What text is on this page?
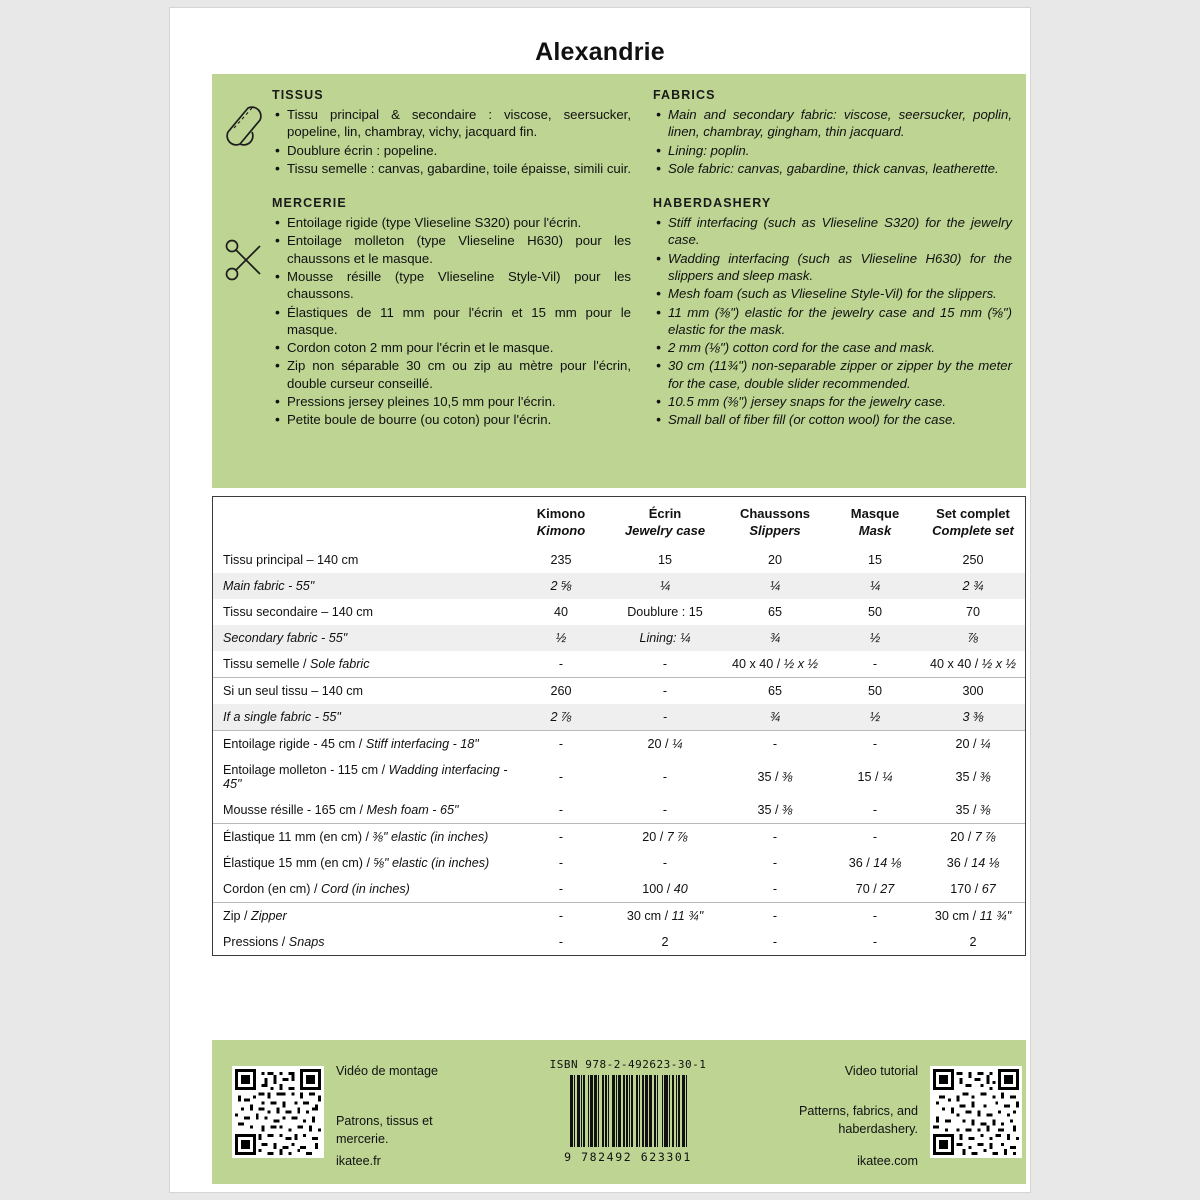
Alexandrie
TISSUS
• Tissu principal & secondaire : viscose, seersucker, popeline, lin, chambray, vichy, jacquard fin.
• Doublure écrin : popeline.
• Tissu semelle : canvas, gabardine, toile épaisse, simili cuir.
FABRICS
• Main and secondary fabric: viscose, seersucker, poplin, linen, chambray, gingham, thin jacquard.
• Lining: poplin.
• Sole fabric: canvas, gabardine, thick canvas, leatherette.
MERCERIE
• Entoilage rigide (type Vlieseline S320) pour l'écrin.
• Entoilage molleton (type Vlieseline H630) pour les chaussons et le masque.
• Mousse résille (type Vlieseline Style-Vil) pour les chaussons.
• Élastiques de 11 mm pour l'écrin et 15 mm pour le masque.
• Cordon coton 2 mm pour l'écrin et le masque.
• Zip non séparable 30 cm ou zip au mètre pour l'écrin, double curseur conseillé.
• Pressions jersey pleines 10,5 mm pour l'écrin.
• Petite boule de bourre (ou coton) pour l'écrin.
HABERDASHERY
• Stiff interfacing (such as Vlieseline S320) for the jewelry case.
• Wadding interfacing (such as Vlieseline H630) for the slippers and sleep mask.
• Mesh foam (such as Vlieseline Style-Vil) for the slippers.
• 11 mm (⅜") elastic for the jewelry case and 15 mm (⅝") elastic for the mask.
• 2 mm (⅛") cotton cord for the case and mask.
• 30 cm (11¾") non-separable zipper or zipper by the meter for the case, double slider recommended.
• 10.5 mm (⅜") jersey snaps for the jewelry case.
• Small ball of fiber fill (or cotton wool) for the case.
	Kimono	Écrin	Chaussons	Masque	Set complet
	Kimono	Jewelry case	Slippers	Mask	Complete set
Tissu principal – 140 cm	235	15	20	15	250
Main fabric - 55"	2 ⅝	¼	¼	¼	2 ¾
Tissu secondaire – 140 cm	40	Doublure : 15	65	50	70
Secondary fabric - 55"	½	Lining: ¼	¾	½	⅞
Tissu semelle / Sole fabric	-	-	40 x 40 / ½ x ½	-	40 x 40 / ½ x ½
Si un seul tissu – 140 cm	260	-	65	50	300
If a single fabric - 55"	2 ⅞	-	¾	½	3 ⅜
Entoilage rigide - 45 cm / Stiff interfacing - 18"	-	20 / ¼	-	-	20 / ¼
Entoilage molleton - 115 cm / Wadding interfacing - 45"	-	-	35 / ⅜	15 / ¼	35 / ⅜
Mousse résille - 165 cm / Mesh foam - 65"	-	-	35 / ⅜	-	35 / ⅜
Élastique 11 mm (en cm) / ⅜" elastic (in inches)	-	20 / 7 ⅞	-	-	20 / 7 ⅞
Élastique 15 mm (en cm) / ⅝" elastic (in inches)	-	-	-	36 / 14 ⅛	36 / 14 ⅛
Cordon (en cm) / Cord (in inches)	-	100 / 40	-	70 / 27	170 / 67
Zip / Zipper	-	30 cm / 11 ¾"	-	-	30 cm / 11 ¾"
Pressions / Snaps	-	2	-	-	2
Vidéo de montage
Patrons, tissus et mercerie.
ikatee.fr
ISBN 978-2-492623-30-1
9 782492 623301
Video tutorial
Patterns, fabrics, and haberdashery.
ikatee.com
